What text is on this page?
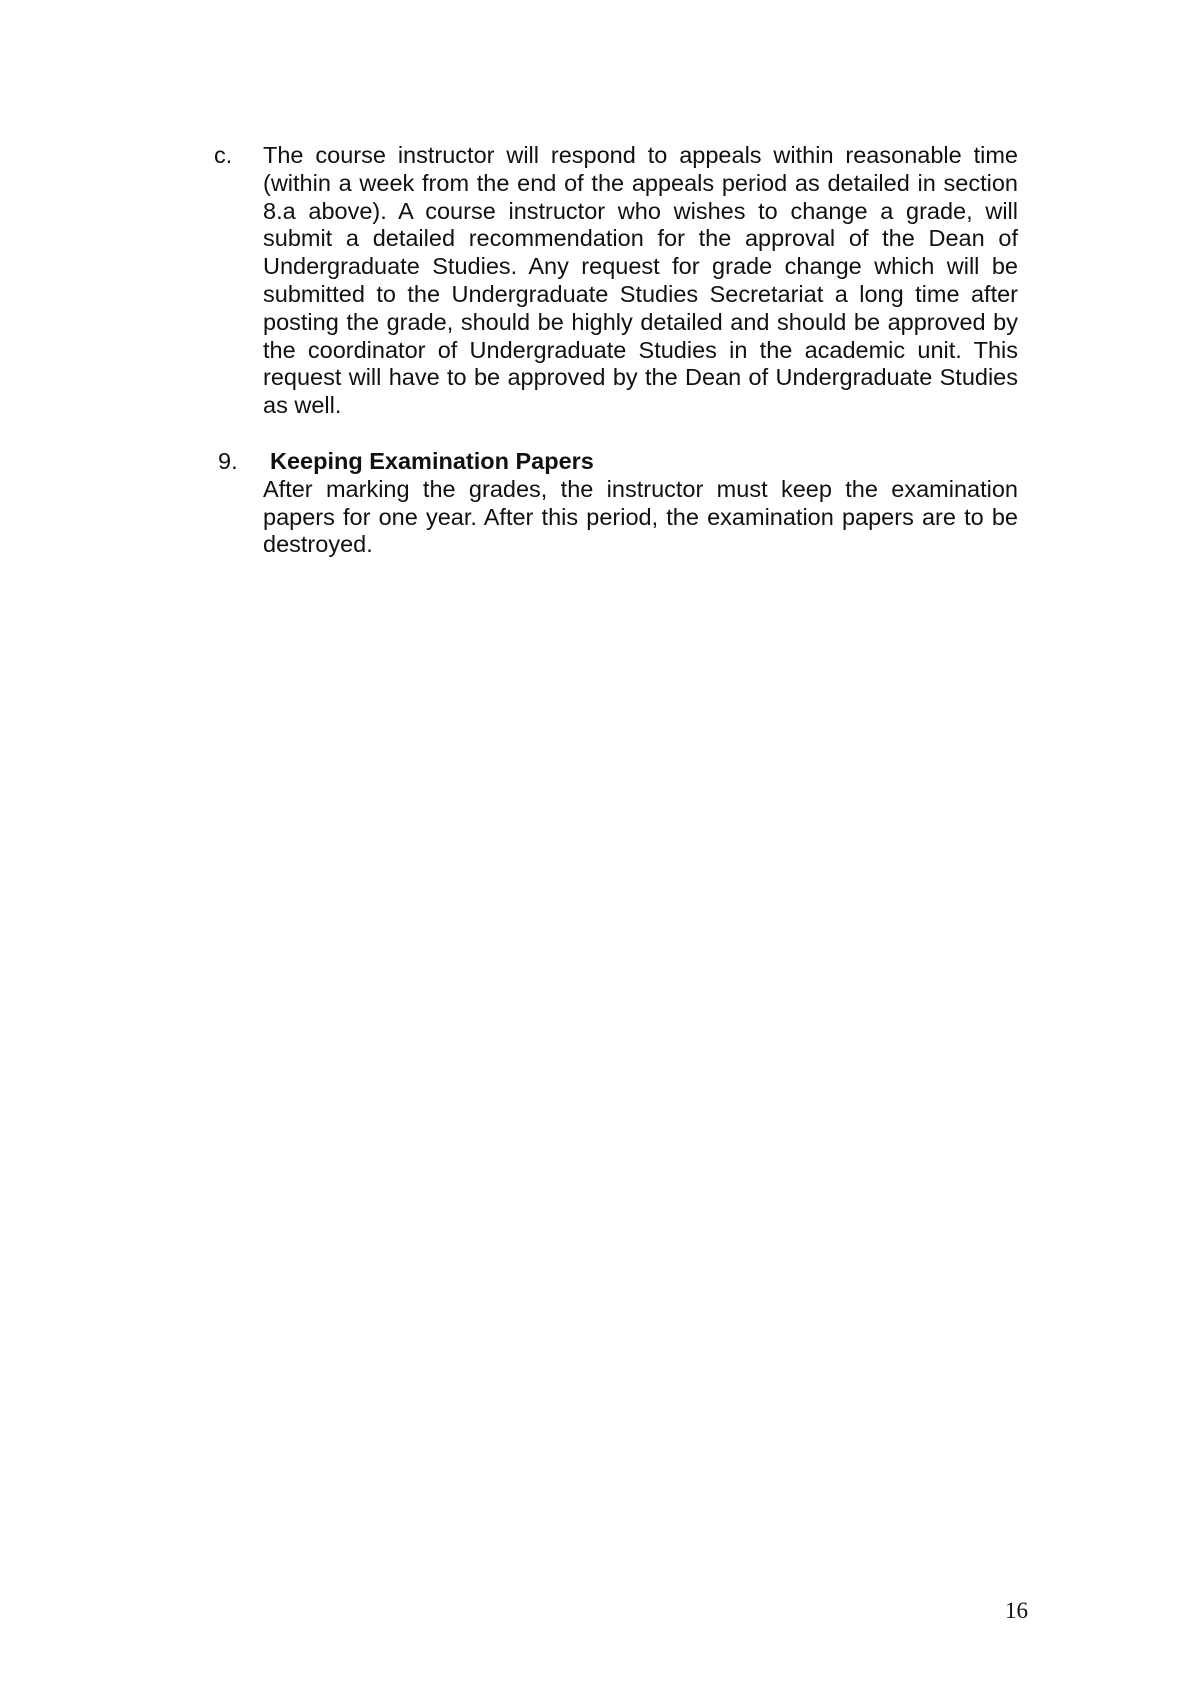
c. The course instructor will respond to appeals within reasonable time (within a week from the end of the appeals period as detailed in section 8.a above). A course instructor who wishes to change a grade, will submit a detailed recommendation for the approval of the Dean of Undergraduate Studies. Any request for grade change which will be submitted to the Undergraduate Studies Secretariat a long time after posting the grade, should be highly detailed and should be approved by the coordinator of Undergraduate Studies in the academic unit. This request will have to be approved by the Dean of Undergraduate Studies as well.
9. Keeping Examination Papers
After marking the grades, the instructor must keep the examination papers for one year. After this period, the examination papers are to be destroyed.
16
